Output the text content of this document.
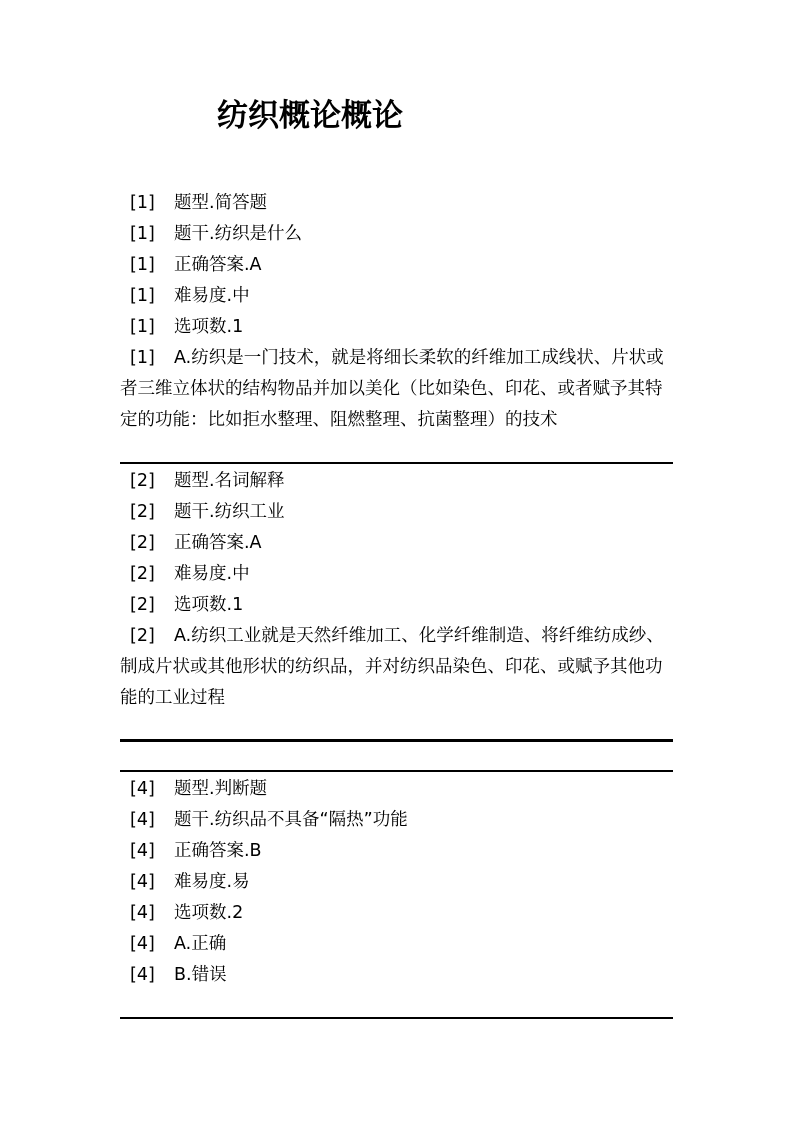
纺织概论概论
[1] 题型.简答题
[1] 题干.纺织是什么
[1] 正确答案.A
[1] 难易度.中
[1] 选项数.1

[1] A.纺织是一门技术，就是将细长柔软的纤维加工成线状、片状或者三维立体状的结构物品并加以美化（比如染色、印花、或者赋予其特定的功能：比如拒水整理、阻燃整理、抗菌整理）的技术

[2] 题型.名词解释
[2] 题干.纺织工业
[2] 正确答案.A
[2] 难易度.中
[2] 选项数.1

[2] A.纺织工业就是天然纤维加工、化学纤维制造、将纤维纺成纱、制成片状或其他形状的纺织品，并对纺织品染色、印花、或赋予其他功能的工业过程

[4] 题型.判断题
[4] 题干.纺织品不具备“隔热”功能
[4] 正确答案.B
[4] 难易度.易
[4] 选项数.2
[4] A.正确
[4] B.错误
